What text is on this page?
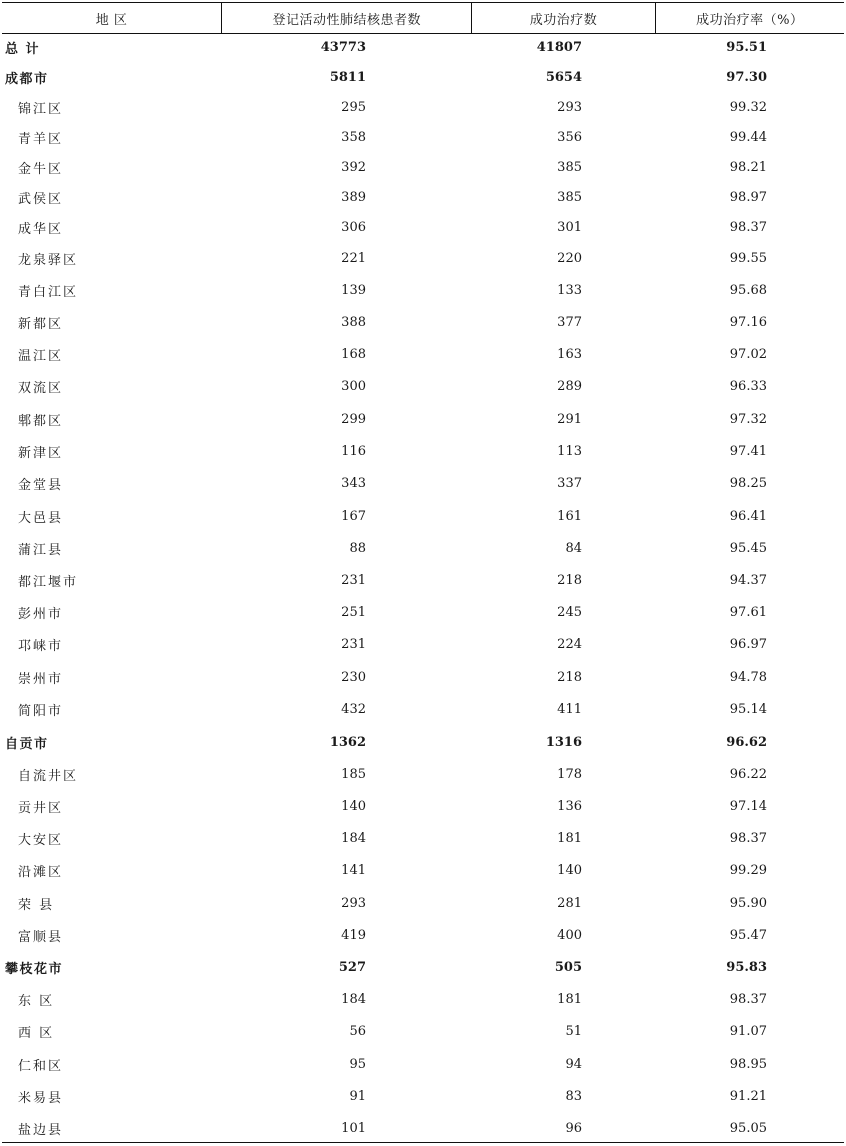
地 区	登记活动性肺结核患者数	成功治疗数	成功治疗率（%）
总 计	43773	41807	95.51
成都市	5811	5654	97.30
锦江区	295	293	99.32
青羊区	358	356	99.44
金牛区	392	385	98.21
武侯区	389	385	98.97
成华区	306	301	98.37
龙泉驿区	221	220	99.55
青白江区	139	133	95.68
新都区	388	377	97.16
温江区	168	163	97.02
双流区	300	289	96.33
郫都区	299	291	97.32
新津区	116	113	97.41
金堂县	343	337	98.25
大邑县	167	161	96.41
蒲江县	88	84	95.45
都江堰市	231	218	94.37
彭州市	251	245	97.61
邛崃市	231	224	96.97
崇州市	230	218	94.78
简阳市	432	411	95.14
自贡市	1362	1316	96.62
自流井区	185	178	96.22
贡井区	140	136	97.14
大安区	184	181	98.37
沿滩区	141	140	99.29
荣 县	293	281	95.90
富顺县	419	400	95.47
攀枝花市	527	505	95.83
东 区	184	181	98.37
西 区	56	51	91.07
仁和区	95	94	98.95
米易县	91	83	91.21
盐边县	101	96	95.05
